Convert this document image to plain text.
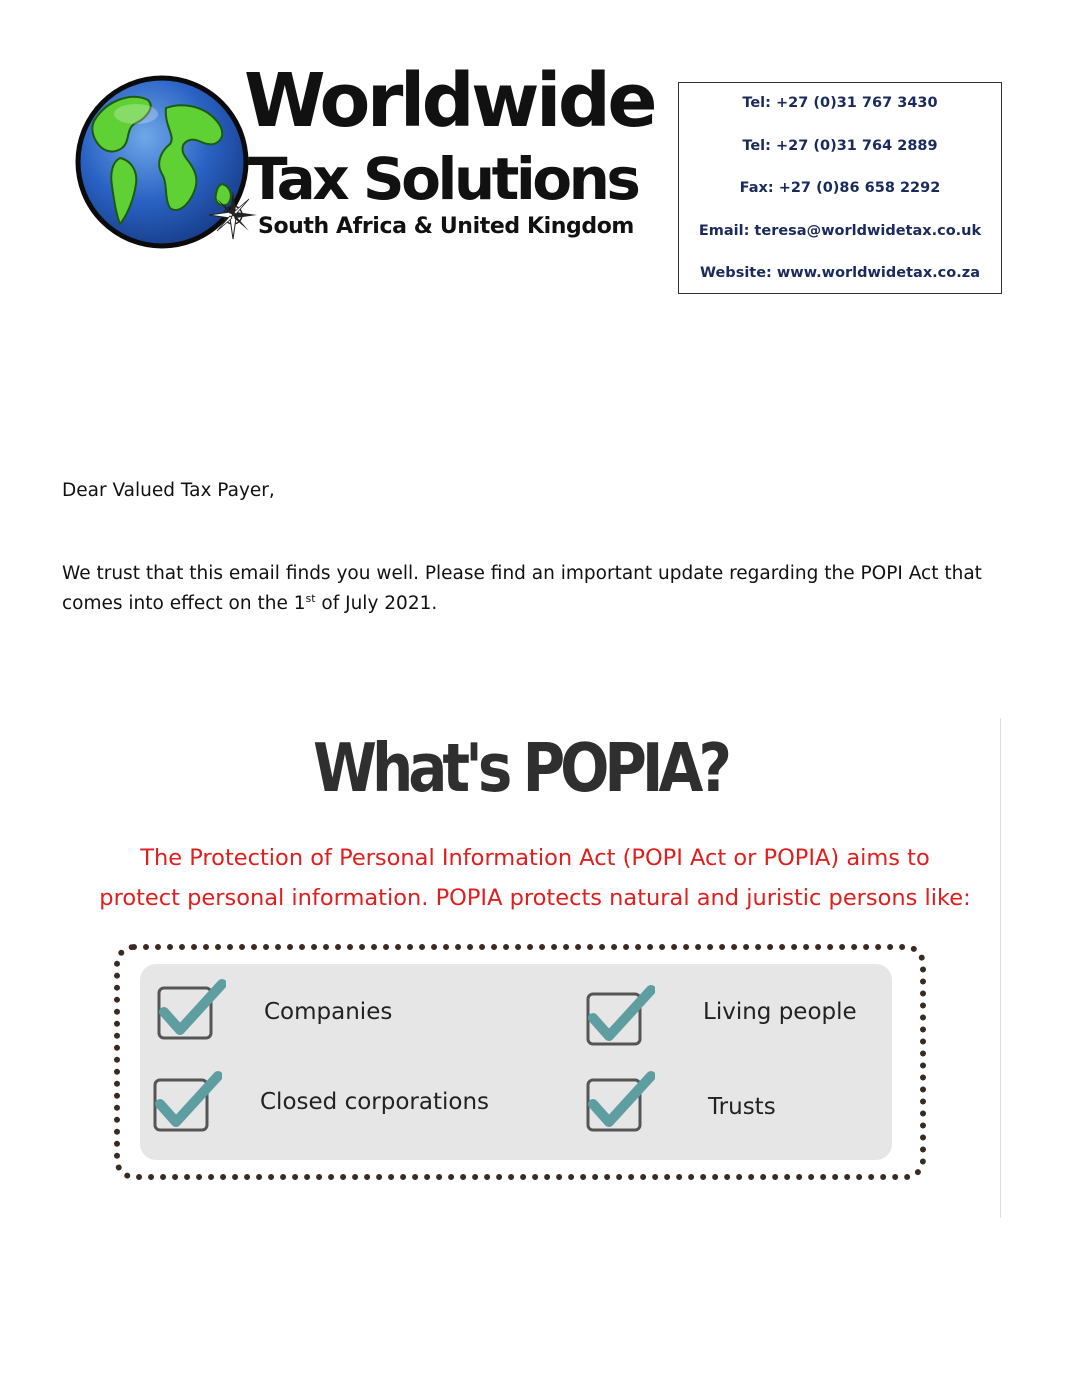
Worldwide
Tax Solutions
South Africa & United Kingdom
Tel: +27 (0)31 767 3430
Tel: +27 (0)31 764 2889
Fax: +27 (0)86 658 2292
Email: teresa@worldwidetax.co.uk
Website: www.worldwidetax.co.za
Dear Valued Tax Payer,
We trust that this email finds you well. Please find an important update regarding the POPI Act that comes into effect on the 1st of July 2021.
What's POPIA?
The Protection of Personal Information Act (POPI Act or POPIA) aims to
protect personal information. POPIA protects natural and juristic persons like:
Companies	Living people
Closed corporations	Trusts
